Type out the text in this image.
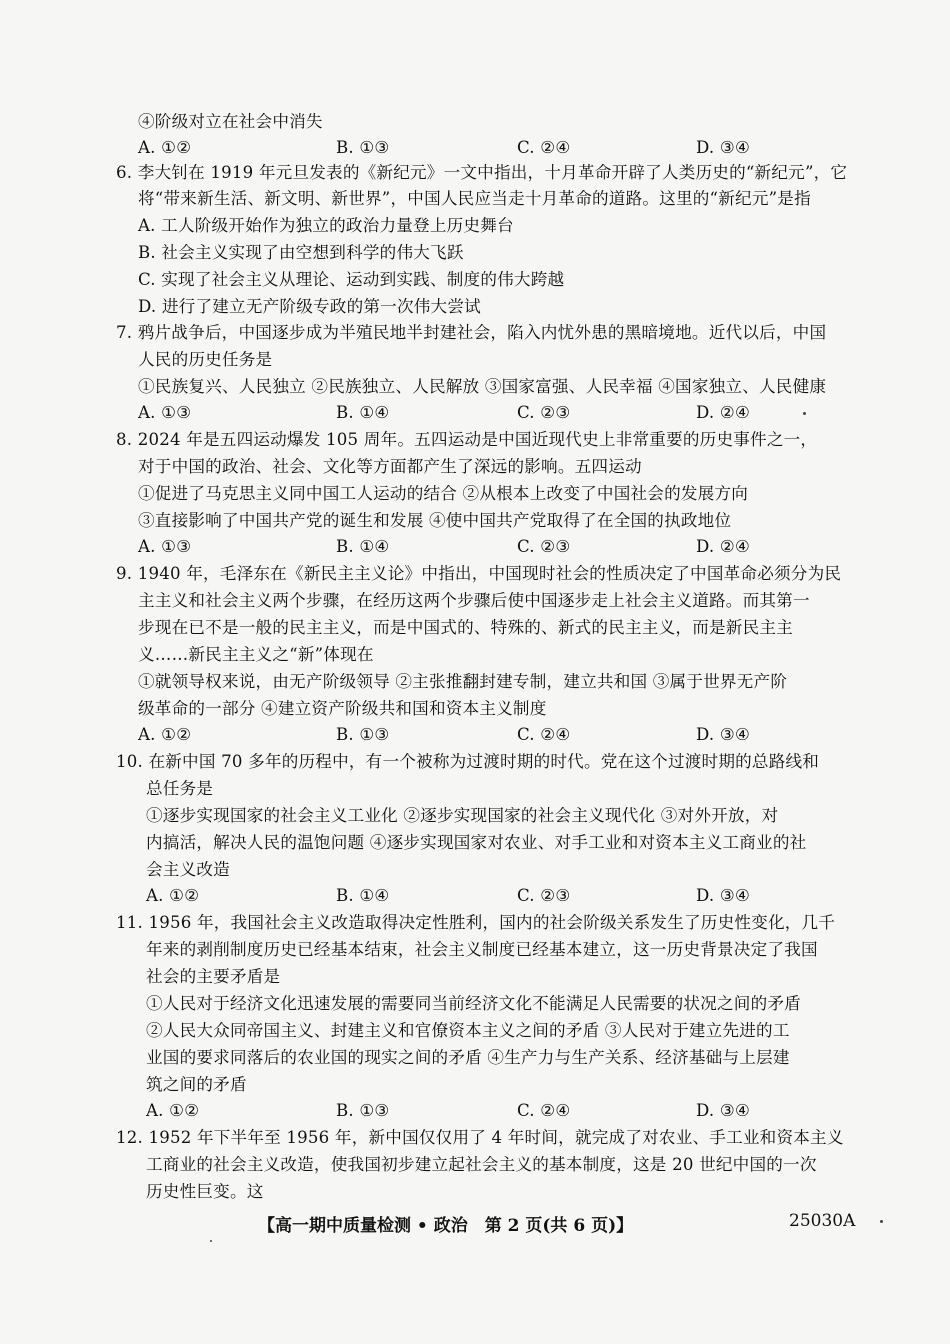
④阶级对立在社会中消失
A. ①②	B. ①③	C. ②④	D. ③④
6. 李大钊在 1919 年元旦发表的《新纪元》一文中指出，十月革命开辟了人类历史的“新纪元”，它
将“带来新生活、新文明、新世界”，中国人民应当走十月革命的道路。这里的“新纪元”是指
A. 工人阶级开始作为独立的政治力量登上历史舞台
B. 社会主义实现了由空想到科学的伟大飞跃
C. 实现了社会主义从理论、运动到实践、制度的伟大跨越
D. 进行了建立无产阶级专政的第一次伟大尝试
7. 鸦片战争后，中国逐步成为半殖民地半封建社会，陷入内忧外患的黑暗境地。近代以后，中国
人民的历史任务是
①民族复兴、人民独立 ②民族独立、人民解放 ③国家富强、人民幸福 ④国家独立、人民健康
A. ①③	B. ①④	C. ②③	D. ②④
8. 2024 年是五四运动爆发 105 周年。五四运动是中国近现代史上非常重要的历史事件之一，
对于中国的政治、社会、文化等方面都产生了深远的影响。五四运动
①促进了马克思主义同中国工人运动的结合 ②从根本上改变了中国社会的发展方向
③直接影响了中国共产党的诞生和发展 ④使中国共产党取得了在全国的执政地位
A. ①③	B. ①④	C. ②③	D. ②④
9. 1940 年，毛泽东在《新民主主义论》中指出，中国现时社会的性质决定了中国革命必须分为民
主主义和社会主义两个步骤，在经历这两个步骤后使中国逐步走上社会主义道路。而其第一
步现在已不是一般的民主主义，而是中国式的、特殊的、新式的民主主义，而是新民主主
义……新民主主义之“新”体现在
①就领导权来说，由无产阶级领导 ②主张推翻封建专制，建立共和国 ③属于世界无产阶
级革命的一部分 ④建立资产阶级共和国和资本主义制度
A. ①②	B. ①③	C. ②④	D. ③④
10. 在新中国 70 多年的历程中，有一个被称为过渡时期的时代。党在这个过渡时期的总路线和
总任务是
①逐步实现国家的社会主义工业化 ②逐步实现国家的社会主义现代化 ③对外开放，对
内搞活，解决人民的温饱问题 ④逐步实现国家对农业、对手工业和对资本主义工商业的社
会主义改造
A. ①②	B. ①④	C. ②③	D. ③④
11. 1956 年，我国社会主义改造取得决定性胜利，国内的社会阶级关系发生了历史性变化，几千
年来的剥削制度历史已经基本结束，社会主义制度已经基本建立，这一历史背景决定了我国
社会的主要矛盾是
①人民对于经济文化迅速发展的需要同当前经济文化不能满足人民需要的状况之间的矛盾
②人民大众同帝国主义、封建主义和官僚资本主义之间的矛盾 ③人民对于建立先进的工
业国的要求同落后的农业国的现实之间的矛盾 ④生产力与生产关系、经济基础与上层建
筑之间的矛盾
A. ①②	B. ①③	C. ②④	D. ③④
12. 1952 年下半年至 1956 年，新中国仅仅用了 4 年时间，就完成了对农业、手工业和资本主义
工商业的社会主义改造，使我国初步建立起社会主义的基本制度，这是 20 世纪中国的一次
历史性巨变。这
【高一期中质量检测 • 政治　第 2 页(共 6 页)】	25030A
